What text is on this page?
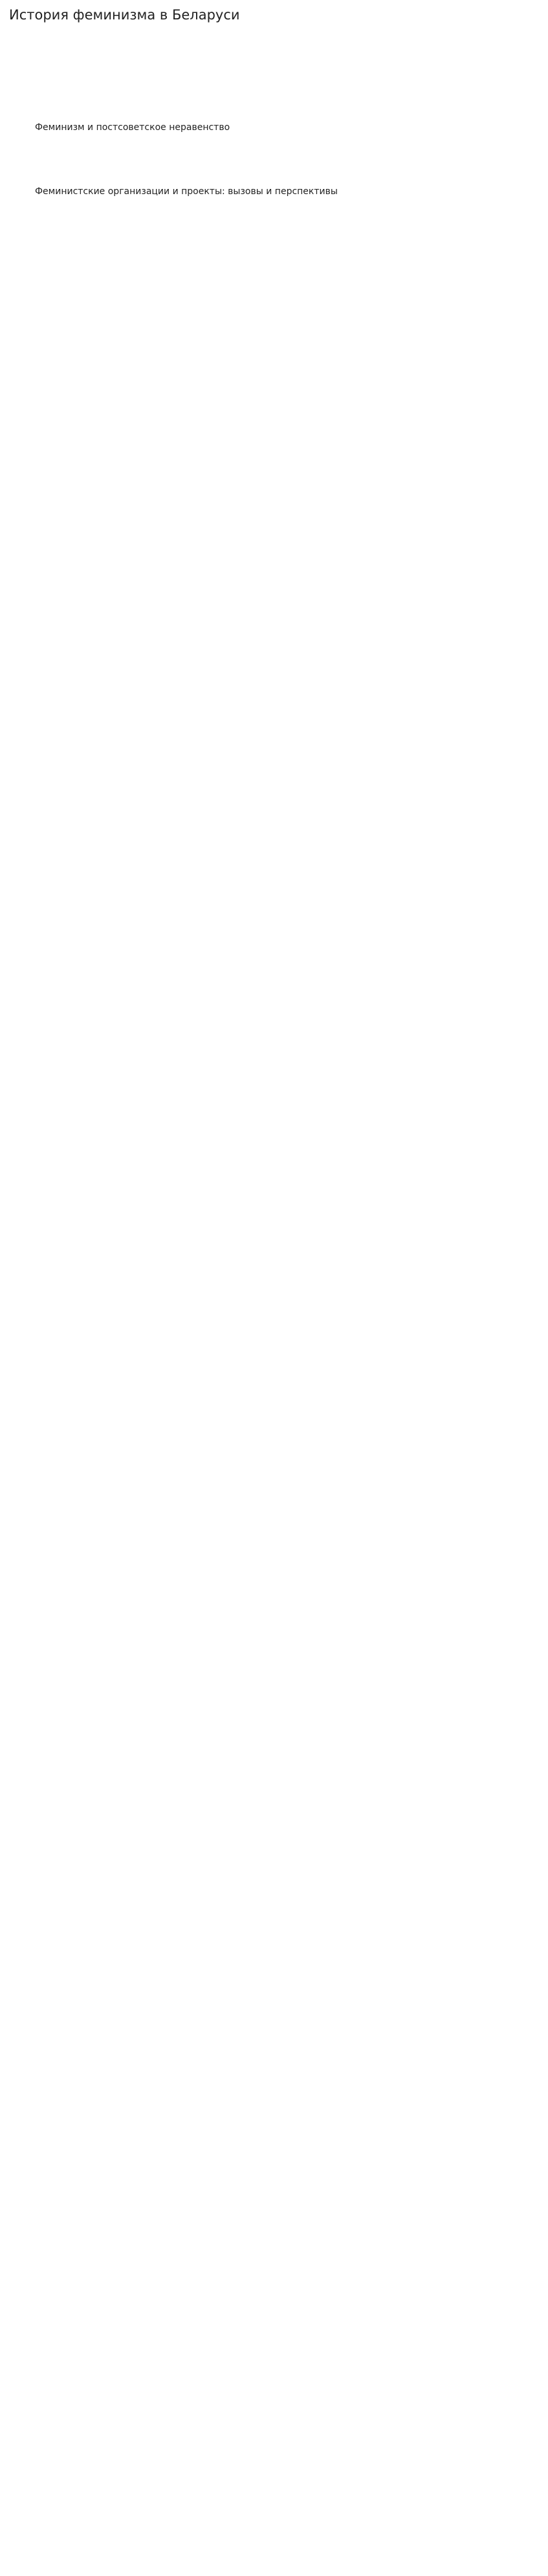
История феминизма в Беларуси

Феминизм и постсоветское неравенство

Феминистские организации и проекты: вызовы и перспективы
